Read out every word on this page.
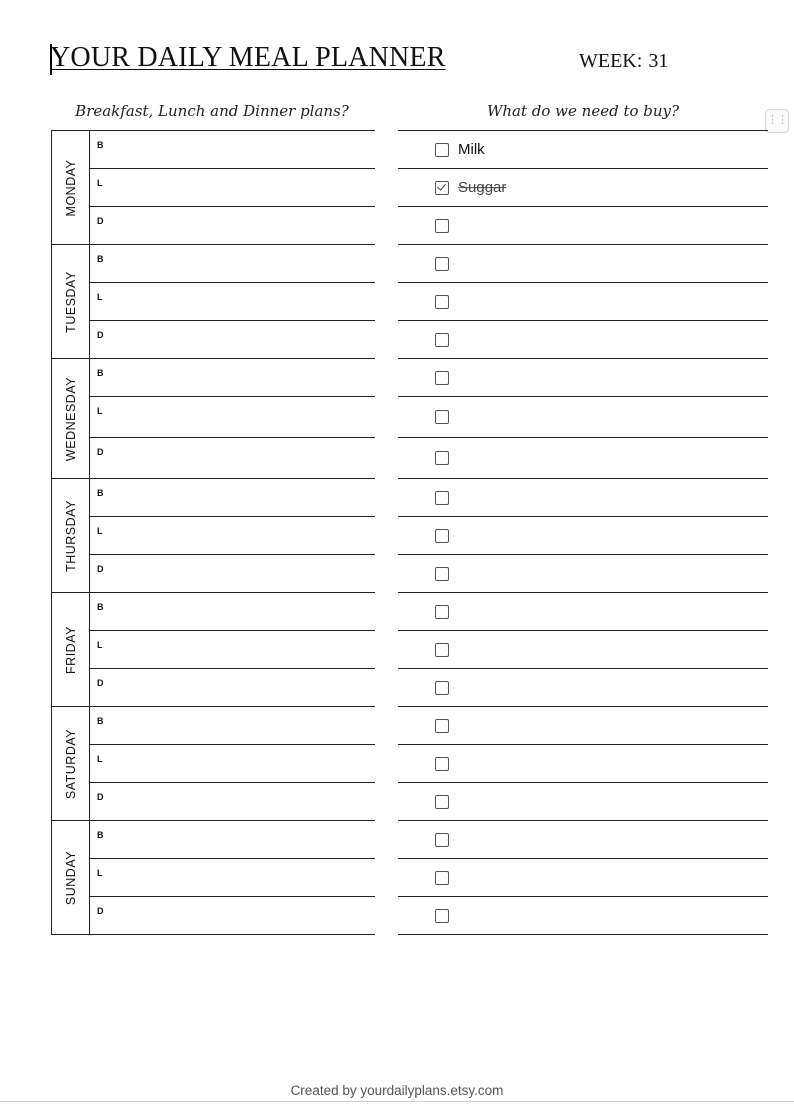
YOUR DAILY MEAL PLANNER	WEEK: 31
Breakfast, Lunch and Dinner plans?	What do we need to buy?	⋮⋮
MONDAY
B
L
D
TUESDAY
B
L
D
WEDNESDAY
B
L
D
THURSDAY
B
L
D
FRIDAY
B
L
D
SATURDAY
B
L
D
SUNDAY
B
L
D
Milk
Suggar
Created by yourdailyplans.etsy.com
